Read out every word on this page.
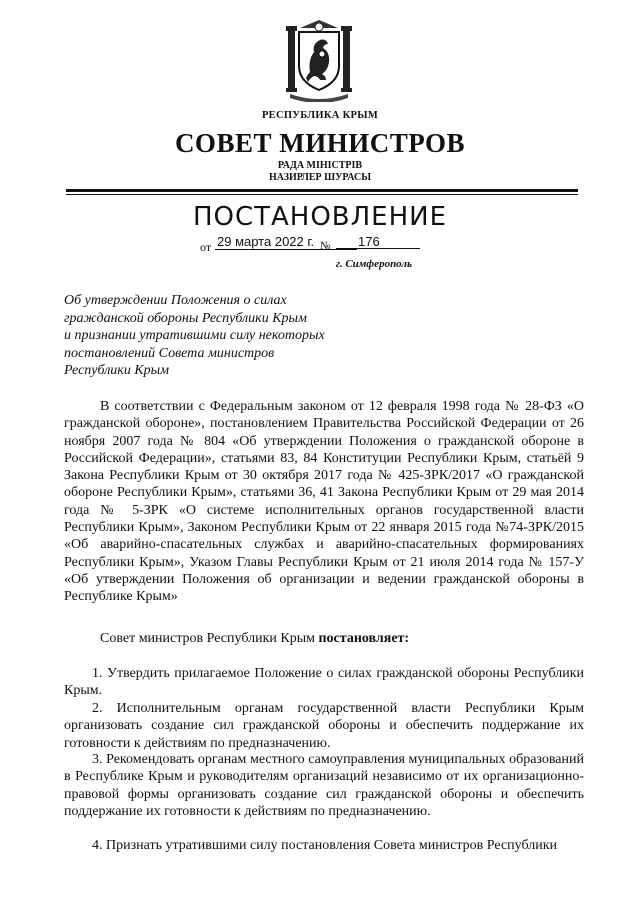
РЕСПУБЛИКА КРЫМ
СОВЕТ МИНИСТРОВ
РАДА МІНІСТРІВ
НАЗИРЛЕР ШУРАСЫ
ПОСТАНОВЛЕНИЕ
от 29 марта 2022 г. №	176
г. Симферополь
Об утверждении Положения о силах
гражданской обороны Республики Крым
и признании утратившими силу некоторых
постановлений Совета министров
Республики Крым
В соответствии с Федеральным законом от 12 февраля 1998 года № 28-ФЗ «О гражданской обороне», постановлением Правительства Российской Федерации от 26 ноября 2007 года № 804 «Об утверждении Положения о гражданской обороне в Российской Федерации», статьями 83, 84 Конституции Республики Крым, статьёй 9 Закона Республики Крым от 30 октября 2017 года № 425-ЗРК/2017 «О гражданской обороне Республики Крым», статьями 36, 41 Закона Республики Крым от 29 мая 2014 года № 5-ЗРК «О системе исполнительных органов государственной власти Республики Крым», Законом Республики Крым от 22 января 2015 года №74-ЗРК/2015 «Об аварийно-спасательных службах и аварийно-спасательных формированиях Республики Крым», Указом Главы Республики Крым от 21 июля 2014 года № 157-У «Об утверждении Положения об организации и ведении гражданской обороны в Республике Крым»
Совет министров Республики Крым постановляет:
1. Утвердить прилагаемое Положение о силах гражданской обороны Республики Крым.
2. Исполнительным органам государственной власти Республики Крым организовать создание сил гражданской обороны и обеспечить поддержание их готовности к действиям по предназначению.
3. Рекомендовать органам местного самоуправления муниципальных образований в Республике Крым и руководителям организаций независимо от их организационно-правовой формы организовать создание сил гражданской обороны и обеспечить поддержание их готовности к действиям по предназначению.
4. Признать утратившими силу постановления Совета министров Республики
